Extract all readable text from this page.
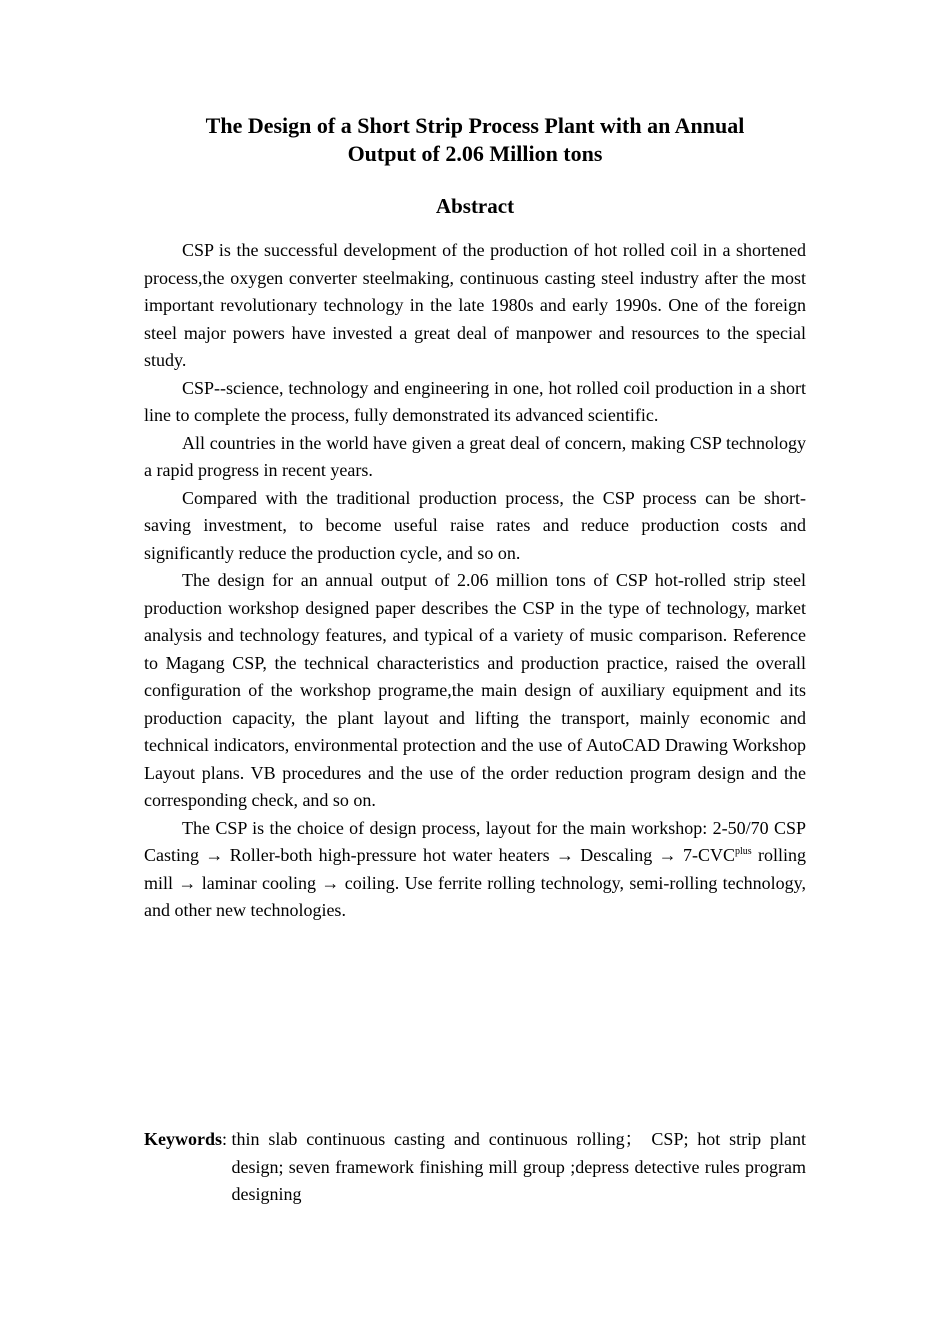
The Design of a Short Strip Process Plant with an Annual
Output of 2.06 Million tons
Abstract

CSP is the successful development of the production of hot rolled coil in a shortened process,the oxygen converter steelmaking, continuous casting steel industry after the most important revolutionary technology in the late 1980s and early 1990s. One of the foreign steel major powers have invested a great deal of manpower and resources to the special study.

CSP--science, technology and engineering in one, hot rolled coil production in a short line to complete the process, fully demonstrated its advanced scientific.

All countries in the world have given a great deal of concern, making CSP technology a rapid progress in recent years.

Compared with the traditional production process, the CSP process can be short-saving investment, to become useful raise rates and reduce production costs and significantly reduce the production cycle, and so on.

The design for an annual output of 2.06 million tons of CSP hot-rolled strip steel production workshop designed paper describes the CSP in the type of technology, market analysis and technology features, and typical of a variety of music comparison. Reference to Magang CSP, the technical characteristics and production practice, raised the overall configuration of the workshop programe,the main design of auxiliary equipment and its production capacity, the plant layout and lifting the transport, mainly economic and technical indicators, environmental protection and the use of AutoCAD Drawing Workshop Layout plans. VB procedures and the use of the order reduction program design and the corresponding check, and so on.

The CSP is the choice of design process, layout for the main workshop: 2-50/70 CSP Casting → Roller-both high-pressure hot water heaters → Descaling → $7-CVC^{plus}$ rolling mill → laminar cooling → coiling. Use ferrite rolling technology, semi-rolling technology, and other new technologies.

Keywords : thin slab continuous casting and continuous rolling； CSP; hot strip plant design; seven framework finishing mill group ;depress detective rules program designing
